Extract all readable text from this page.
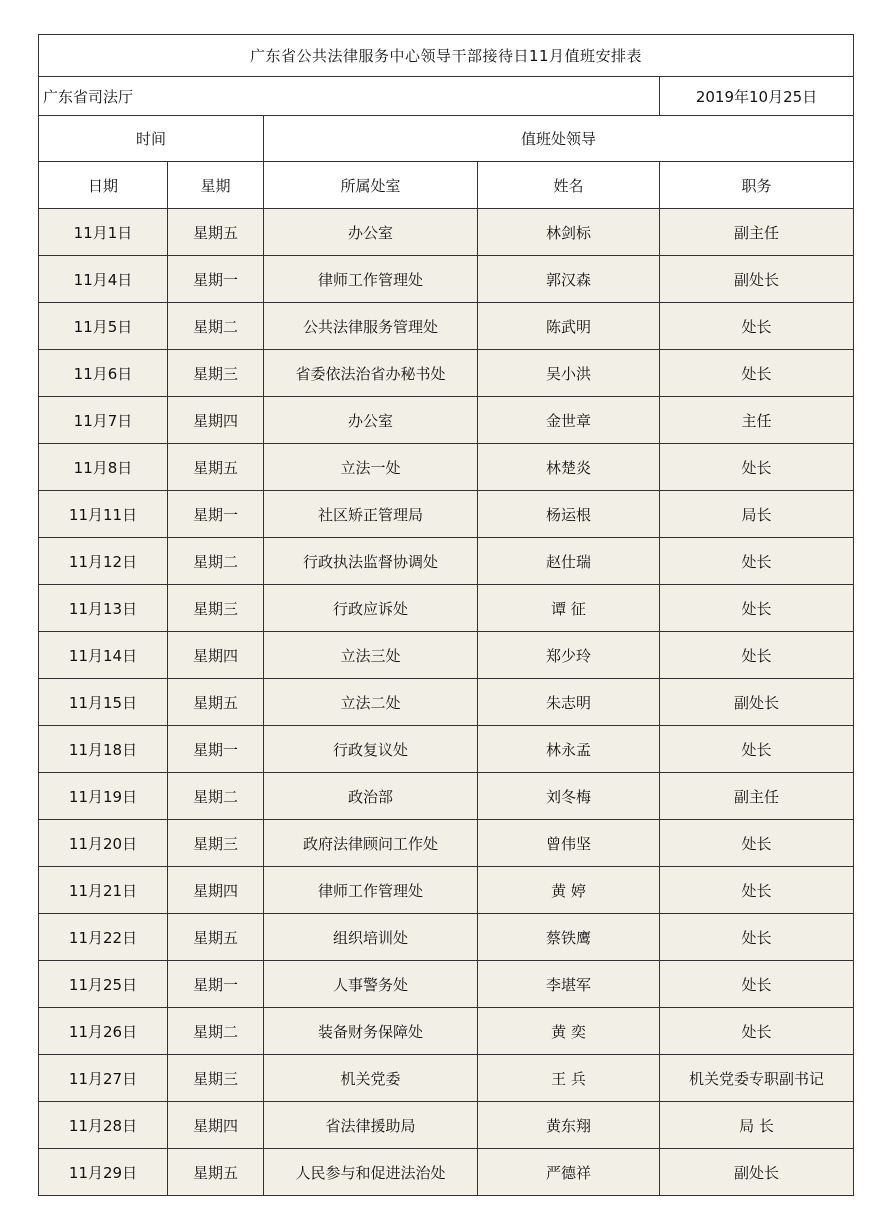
广东省公共法律服务中心领导干部接待日11月值班安排表				
广东省司法厅				2019年10月25日
时间		值班处领导		
日期	星期	所属处室	姓名	职务
11月1日	星期五	办公室	林剑标	副主任
11月4日	星期一	律师工作管理处	郭汉森	副处长
11月5日	星期二	公共法律服务管理处	陈武明	处长
11月6日	星期三	省委依法治省办秘书处	吴小洪	处长
11月7日	星期四	办公室	金世章	主任
11月8日	星期五	立法一处	林楚炎	处长
11月11日	星期一	社区矫正管理局	杨运根	局长
11月12日	星期二	行政执法监督协调处	赵仕瑞	处长
11月13日	星期三	行政应诉处	谭 征	处长
11月14日	星期四	立法三处	郑少玲	处长
11月15日	星期五	立法二处	朱志明	副处长
11月18日	星期一	行政复议处	林永孟	处长
11月19日	星期二	政治部	刘冬梅	副主任
11月20日	星期三	政府法律顾问工作处	曾伟坚	处长
11月21日	星期四	律师工作管理处	黄 婷	处长
11月22日	星期五	组织培训处	蔡铁鹰	处长
11月25日	星期一	人事警务处	李堪军	处长
11月26日	星期二	装备财务保障处	黄 奕	处长
11月27日	星期三	机关党委	王 兵	机关党委专职副书记
11月28日	星期四	省法律援助局	黄东翔	局 长
11月29日	星期五	人民参与和促进法治处	严德祥	副处长
